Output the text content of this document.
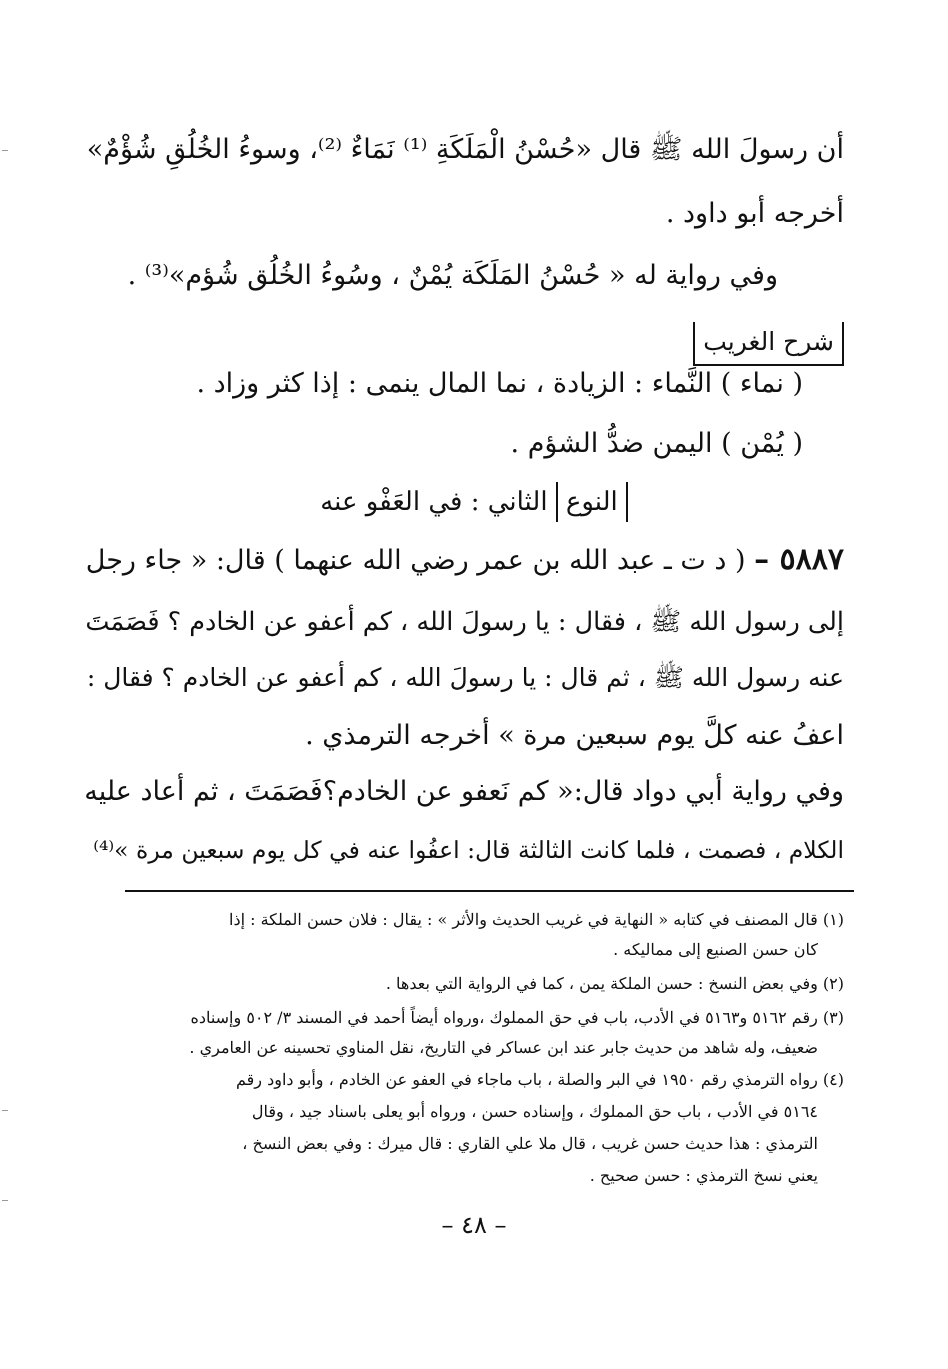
أن رسولَ الله ﷺ قال «حُسْنُ الْمَلَكَةِ ⁽¹⁾ نَمَاءٌ ⁽²⁾، وسوءُ الخُلُقِ شُؤْمٌ»
أخرجه أبو داود .
وفي رواية له « حُسْنُ المَلَكَة يُمْنٌ ، وسُوءُ الخُلُق شُؤم»⁽³⁾ .
شرح الغريب
( نماء ) النَّماء : الزيادة ، نما المال ينمى : إذا كثر وزاد .
( يُمْن ) اليمن ضدُّ الشؤم .
النوع الثاني : في العَفْو عنه
٥٨٨٧ – ( د ت ـ عبد الله بن عمر رضي الله عنهما ) قال: « جاء رجل
إلى رسول الله ﷺ ، فقال : يا رسولَ الله ، كم أعفو عن الخادم ؟ فَصَمَتَ
عنه رسول الله ﷺ ، ثم قال : يا رسولَ الله ، كم أعفو عن الخادم ؟ فقال :
اعفُ عنه كلَّ يوم سبعين مرة » أخرجه الترمذي .
وفي رواية أبي دواد قال:« كم نَعفو عن الخادم؟فَصَمَتَ ، ثم أعاد عليه
الكلام ، فصمت ، فلما كانت الثالثة قال: اعفُوا عنه في كل يوم سبعين مرة »⁽⁴⁾
(١) قال المصنف في كتابه « النهاية في غريب الحديث والأثر » : يقال : فلان حسن الملكة : إذا
كان حسن الصنيع إلى مماليكه .
(٢) وفي بعض النسخ : حسن الملكة يمن ، كما في الرواية التي بعدها .
(٣) رقم ٥١٦٢ و٥١٦٣ في الأدب، باب في حق المملوك ،ورواه أيضاً أحمد في المسند ٣/ ٥٠٢ وإسناده
ضعيف، وله شاهد من حديث جابر عند ابن عساكر في التاريخ، نقل المناوي تحسينه عن العامري .
(٤) رواه الترمذي رقم ١٩٥٠ في البر والصلة ، باب ماجاء في العفو عن الخادم ، وأبو داود رقم
٥١٦٤ في الأدب ، باب حق المملوك ، وإسناده حسن ، ورواه أبو يعلى باسناد جيد ، وقال
الترمذي : هذا حديث حسن غريب ، قال ملا علي القاري : قال ميرك : وفي بعض النسخ ،
يعني نسخ الترمذي : حسن صحيح .
– ٤٨ –
